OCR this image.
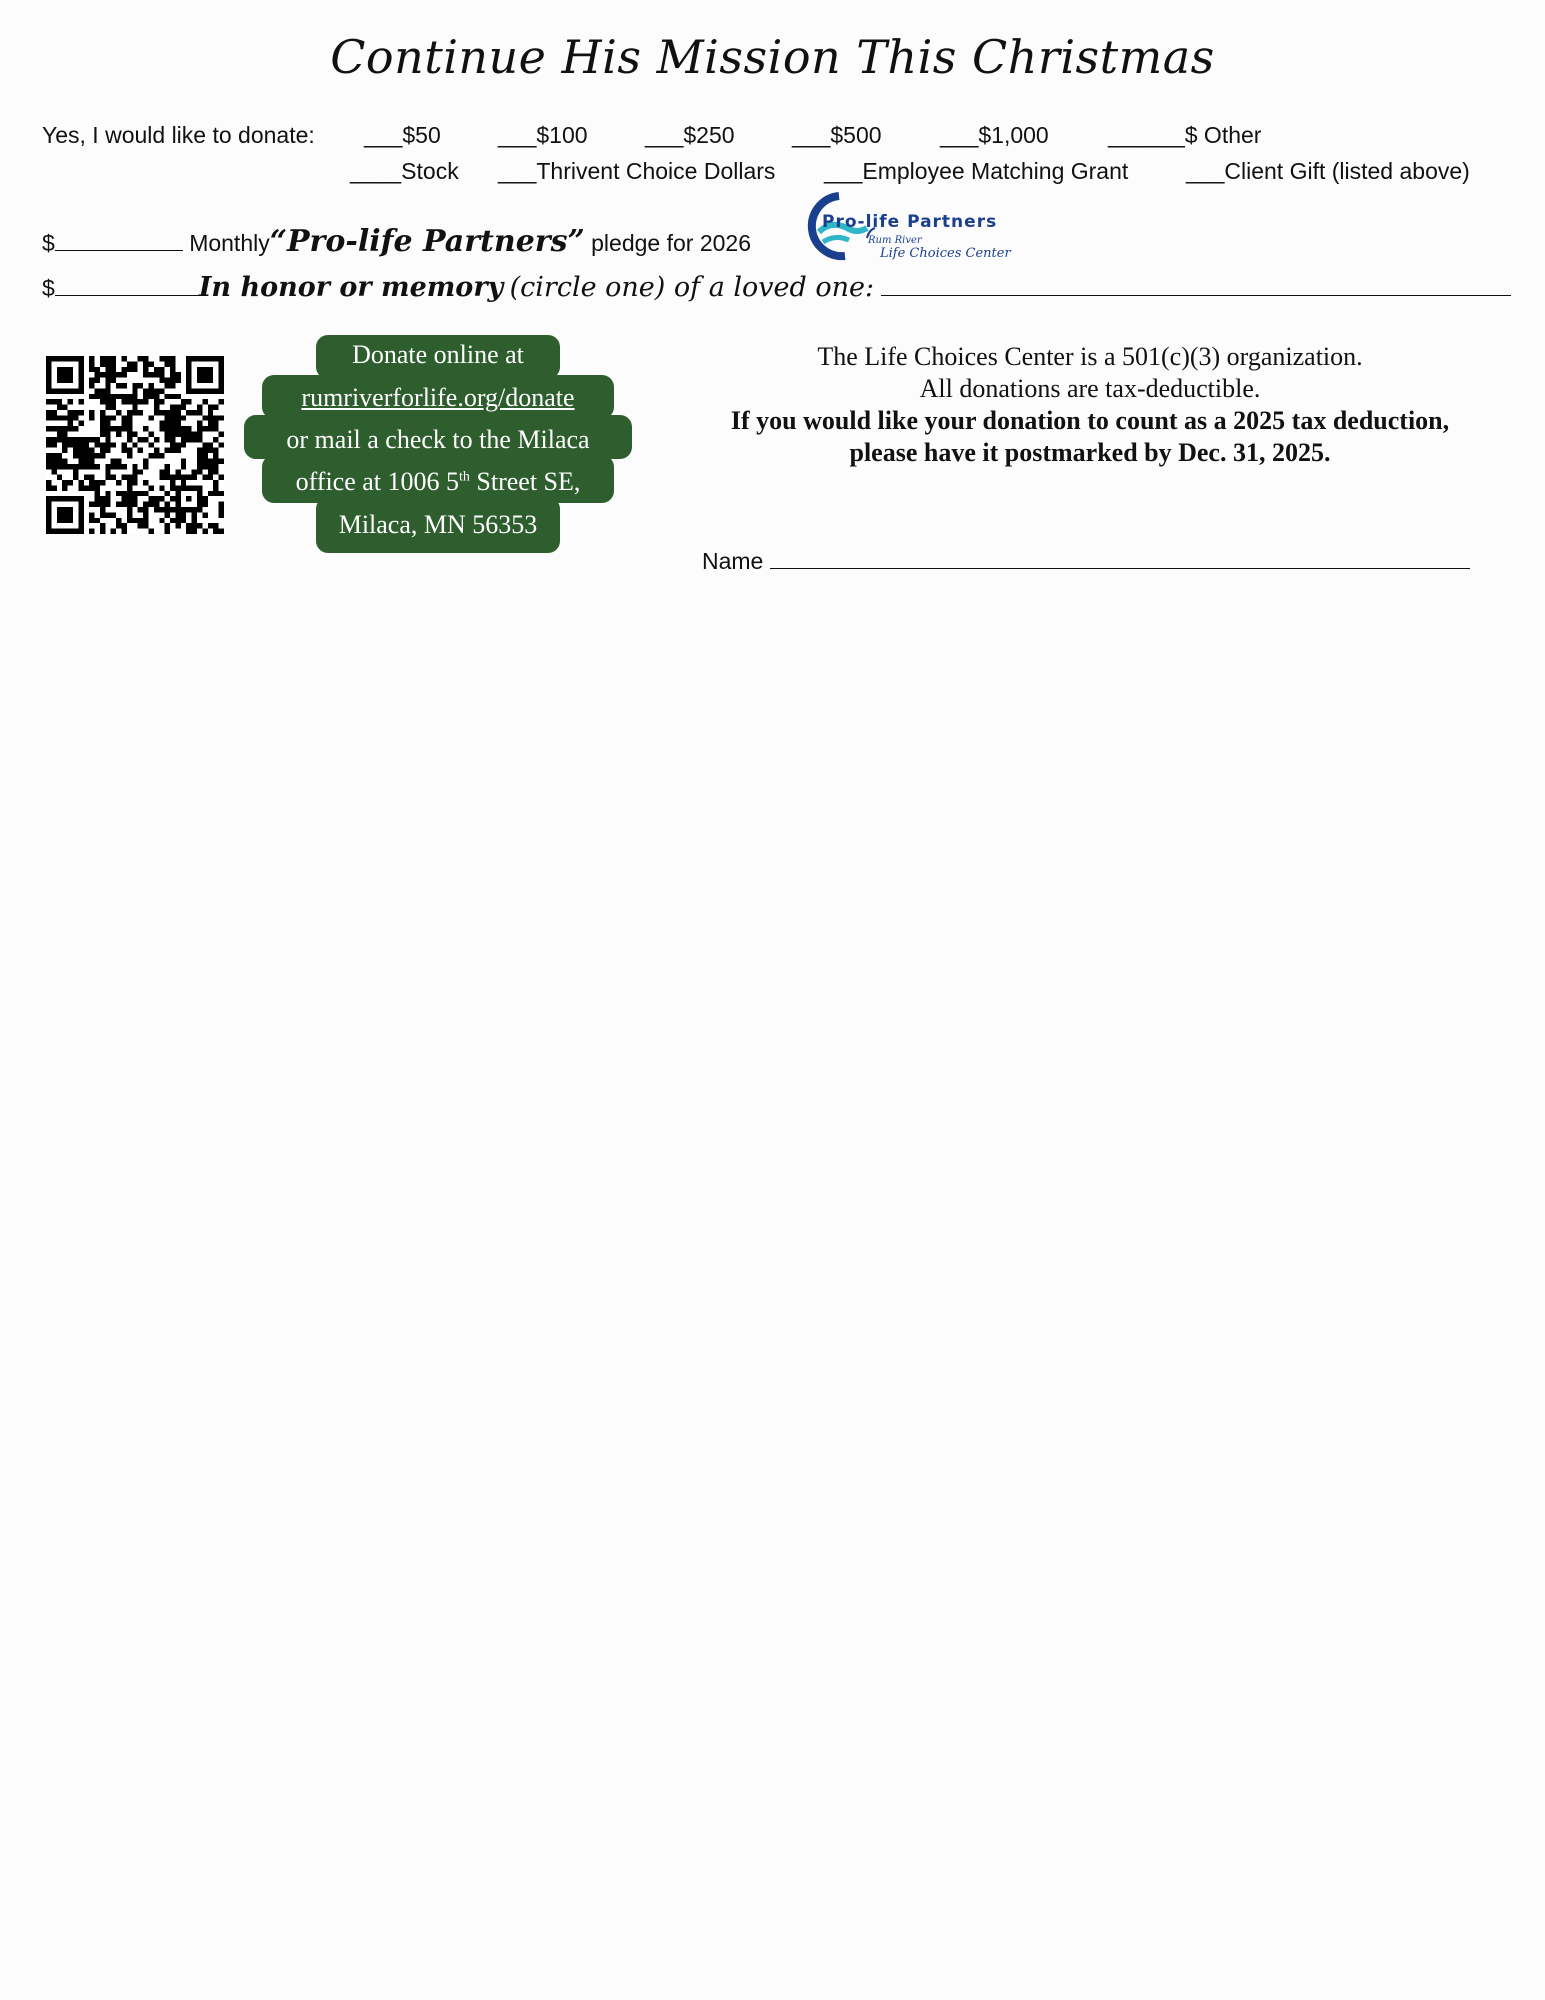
Continue His Mission This Christmas
Yes, I would like to donate: ___$50 ___$100 ___$250 ___$500	___$1,000	______$ Other
____Stock ___Thrivent Choice Dollars ___Employee Matching Grant	___Client Gift (listed above)
$	Monthly“Pro-life Partners” pledge for 2026
Pro-life Partners
Rum River
Life Choices Center
$	In honor or memory (circle one) of a loved one:
Donate online at
rumriverforlife.org/donate
or mail a check to the Milaca
office at 1006 5th Street SE,
Milaca, MN 56353
The Life Choices Center is a 501(c)(3) organization.
All donations are tax-deductible.
If you would like your donation to count as a 2025 tax deduction,
please have it postmarked by Dec. 31, 2025.
Name
